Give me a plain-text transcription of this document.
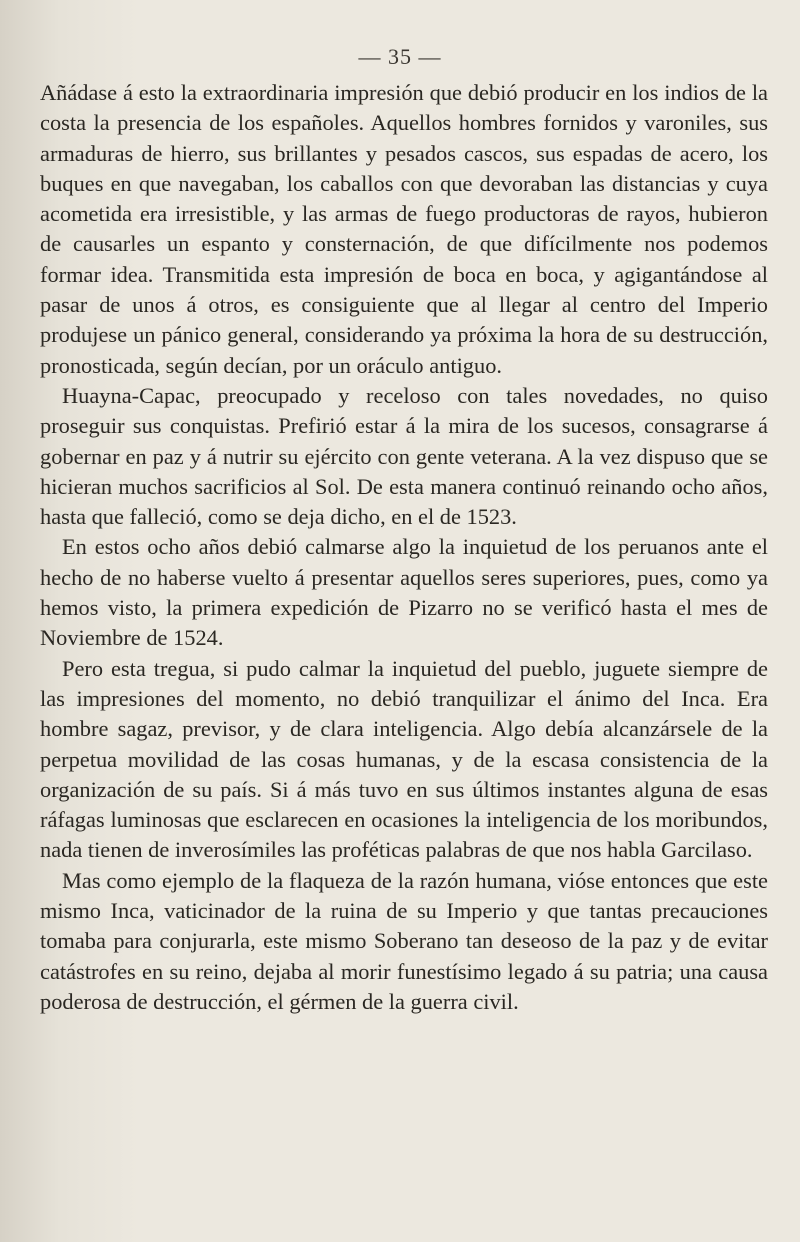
— 35 —

Añádase á esto la extraordinaria impresión que debió producir en los indios de la costa la presencia de los españoles. Aquellos hombres fornidos y varoniles, sus armaduras de hierro, sus brillantes y pesados cascos, sus espadas de acero, los buques en que navegaban, los caballos con que devoraban las distancias y cuya acometida era irresistible, y las armas de fuego productoras de rayos, hubieron de causarles un espanto y consternación, de que difícilmente nos podemos formar idea. Transmitida esta impresión de boca en boca, y agigantándose al pasar de unos á otros, es consiguiente que al llegar al centro del Imperio produjese un pánico general, considerando ya próxima la hora de su destrucción, pronosticada, según decían, por un oráculo antiguo.

Huayna-Capac, preocupado y receloso con tales novedades, no quiso proseguir sus conquistas. Prefirió estar á la mira de los sucesos, consagrarse á gobernar en paz y á nutrir su ejército con gente veterana. A la vez dispuso que se hicieran muchos sacrificios al Sol. De esta manera continuó reinando ocho años, hasta que falleció, como se deja dicho, en el de 1523.

En estos ocho años debió calmarse algo la inquietud de los peruanos ante el hecho de no haberse vuelto á presentar aquellos seres superiores, pues, como ya hemos visto, la primera expedición de Pizarro no se verificó hasta el mes de Noviembre de 1524.

Pero esta tregua, si pudo calmar la inquietud del pueblo, juguete siempre de las impresiones del momento, no debió tranquilizar el ánimo del Inca. Era hombre sagaz, previsor, y de clara inteligencia. Algo debía alcanzársele de la perpetua movilidad de las cosas humanas, y de la escasa consistencia de la organización de su país. Si á más tuvo en sus últimos instantes alguna de esas ráfagas luminosas que esclarecen en ocasiones la inteligencia de los moribundos, nada tienen de inverosímiles las proféticas palabras de que nos habla Garcilaso.

Mas como ejemplo de la flaqueza de la razón humana, vióse entonces que este mismo Inca, vaticinador de la ruina de su Imperio y que tantas precauciones tomaba para conjurarla, este mismo Soberano tan deseoso de la paz y de evitar catástrofes en su reino, dejaba al morir funestísimo legado á su patria; una causa poderosa de destrucción, el gérmen de la guerra civil.
